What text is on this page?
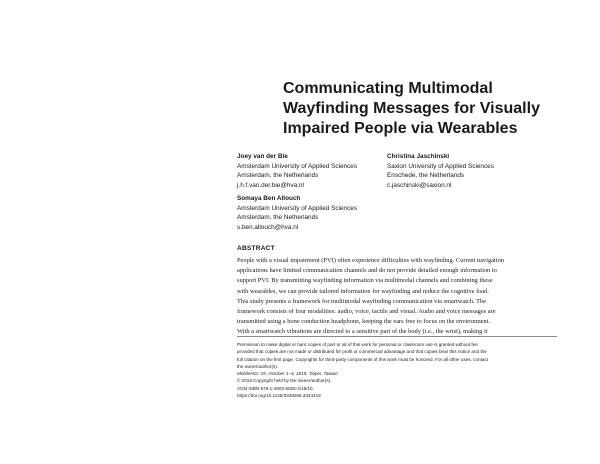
Communicating Multimodal
Wayfinding Messages for Visually
Impaired People via Wearables
Joey van der Bie
Amsterdam University of Applied Sciences
Amsterdam, the Netherlands
j.h.f.van.der.bie@hva.nl
Christina Jaschinski
Saxion University of Applied Sciences
Enschede, the Netherlands
c.jaschinski@saxion.nl
Somaya Ben Allouch
Amsterdam University of Applied Sciences
Amsterdam, the Netherlands
s.ben.allouch@hva.nl
ABSTRACT
People with a visual impairment (PVI) often experience difficulties with wayfinding. Current navigation
applications have limited communication channels and do not provide detailed enough information to
support PVI. By transmitting wayfinding information via multimodal channels and combining these
with wearables, we can provide tailored information for wayfinding and reduce the cognitive load.
This study presents a framework for multimodal wayfinding communication via smartwatch. The
framework consists of four modalities: audio, voice, tactile and visual. Audio and voice messages are
transmitted using a bone conduction headphone, keeping the ears free to focus on the environment.
With a smartwatch vibrations are directed to a sensitive part of the body (i.e., the wrist), making it
Permission to make digital or hard copies of part or all of this work for personal or classroom use is granted without fee
provided that copies are not made or distributed for profit or commercial advantage and that copies bear this notice and the
full citation on the first page. Copyrights for third-party components of this work must be honored. For all other uses, contact
the owner/author(s).
MobileHCI '19, October 1–4, 2019, Taipei, Taiwan
© 2019 Copyright held by the owner/author(s).
ACM ISBN 978-1-4503-6825-4/19/10.
https://doi.org/10.1145/3338286.3344419
